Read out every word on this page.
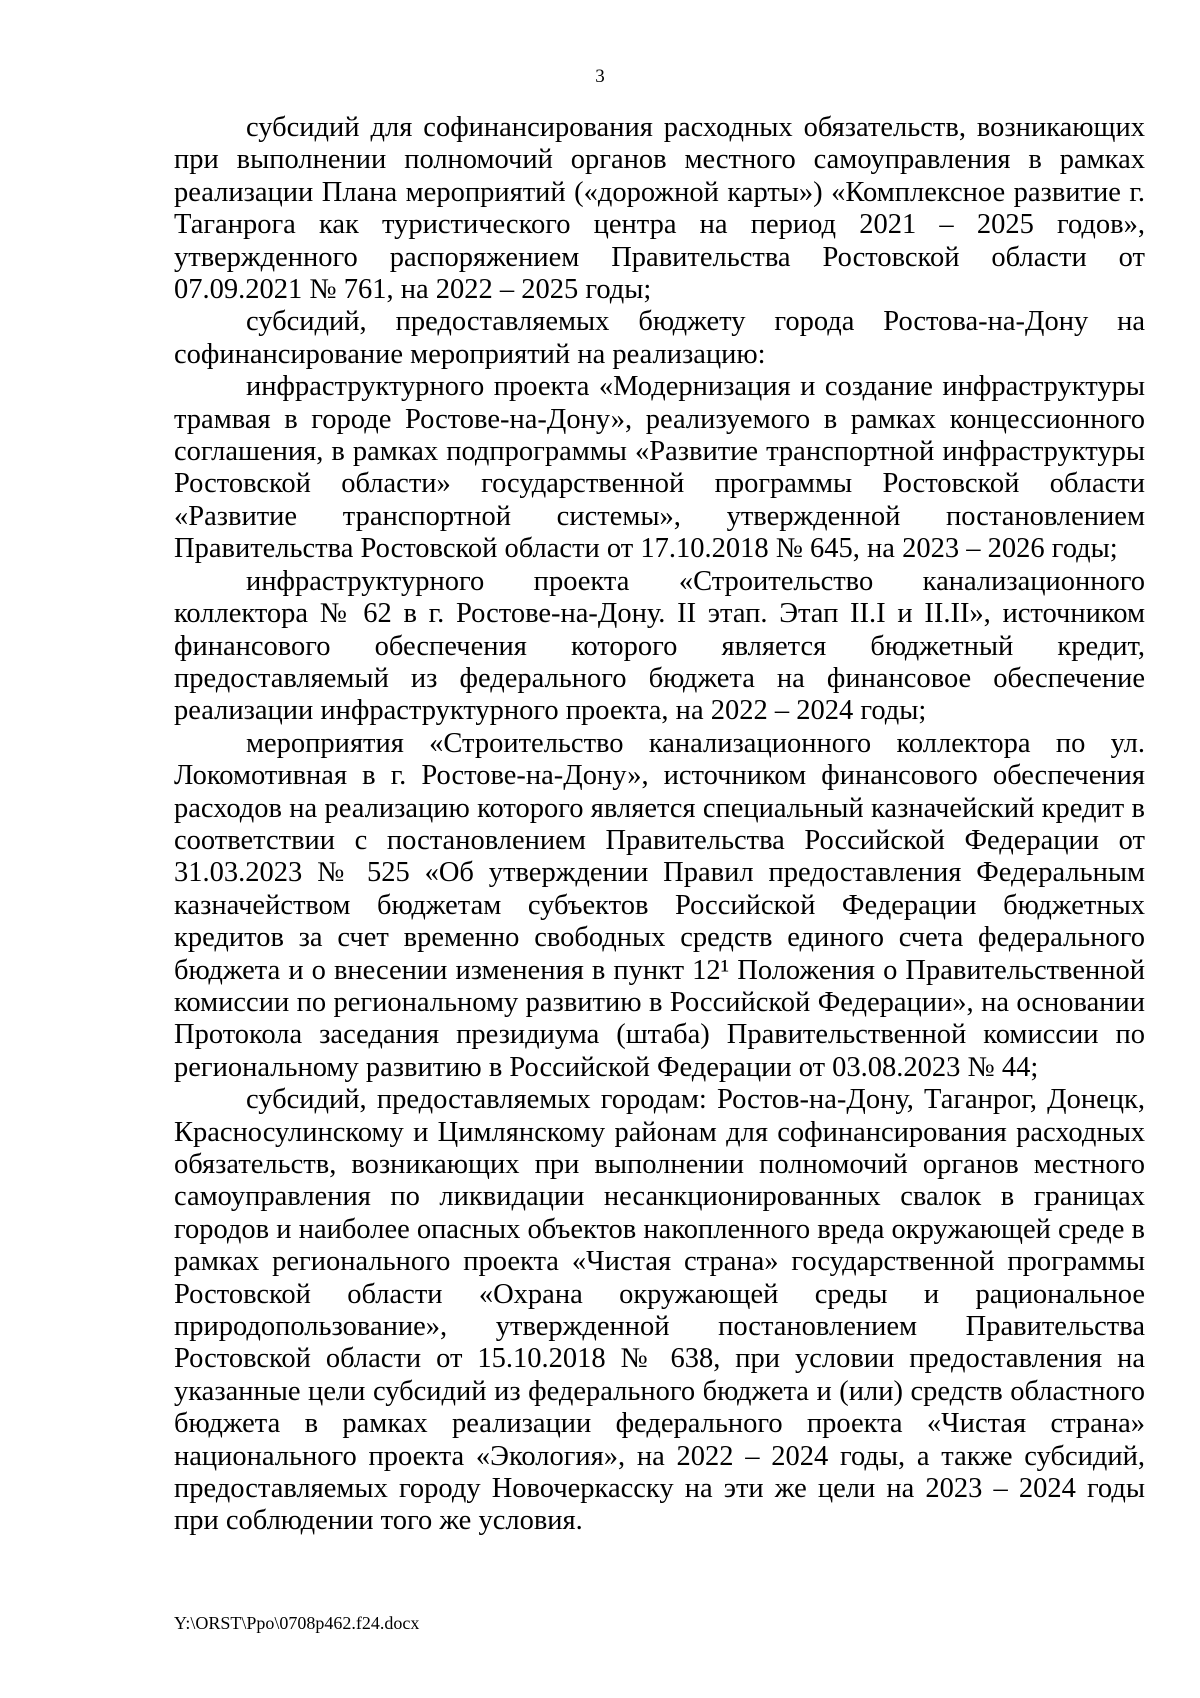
3

субсидий для софинансирования расходных обязательств, возникающих при выполнении полномочий органов местного самоуправления в рамках реализации Плана мероприятий («дорожной карты») «Комплексное развитие г. Таганрога как туристического центра на период 2021 – 2025 годов», утвержденного распоряжением Правительства Ростовской области от 07.09.2021 № 761, на 2022 – 2025 годы;

субсидий, предоставляемых бюджету города Ростова-на-Дону на софинансирование мероприятий на реализацию:

инфраструктурного проекта «Модернизация и создание инфраструктуры трамвая в городе Ростове-на-Дону», реализуемого в рамках концессионного соглашения, в рамках подпрограммы «Развитие транспортной инфраструктуры Ростовской области» государственной программы Ростовской области «Развитие транспортной системы», утвержденной постановлением Правительства Ростовской области от 17.10.2018 № 645, на 2023 – 2026 годы;

инфраструктурного проекта «Строительство канализационного коллектора № 62 в г. Ростове-на-Дону. II этап. Этап II.I и II.II», источником финансового обеспечения которого является бюджетный кредит, предоставляемый из федерального бюджета на финансовое обеспечение реализации инфраструктурного проекта, на 2022 – 2024 годы;

мероприятия «Строительство канализационного коллектора по ул. Локомотивная в г. Ростове-на-Дону», источником финансового обеспечения расходов на реализацию которого является специальный казначейский кредит в соответствии с постановлением Правительства Российской Федерации от 31.03.2023 № 525 «Об утверждении Правил предоставления Федеральным казначейством бюджетам субъектов Российской Федерации бюджетных кредитов за счет временно свободных средств единого счета федерального бюджета и о внесении изменения в пункт 12¹ Положения о Правительственной комиссии по региональному развитию в Российской Федерации», на основании Протокола заседания президиума (штаба) Правительственной комиссии по региональному развитию в Российской Федерации от 03.08.2023 № 44;

субсидий, предоставляемых городам: Ростов-на-Дону, Таганрог, Донецк, Красносулинскому и Цимлянскому районам для софинансирования расходных обязательств, возникающих при выполнении полномочий органов местного самоуправления по ликвидации несанкционированных свалок в границах городов и наиболее опасных объектов накопленного вреда окружающей среде в рамках регионального проекта «Чистая страна» государственной программы Ростовской области «Охрана окружающей среды и рациональное природопользование», утвержденной постановлением Правительства Ростовской области от 15.10.2018 № 638, при условии предоставления на указанные цели субсидий из федерального бюджета и (или) средств областного бюджета в рамках реализации федерального проекта «Чистая страна» национального проекта «Экология», на 2022 – 2024 годы, а также субсидий, предоставляемых городу Новочеркасску на эти же цели на 2023 – 2024 годы при соблюдении того же условия.

Y:\ORST\Ppo\0708p462.f24.docx
